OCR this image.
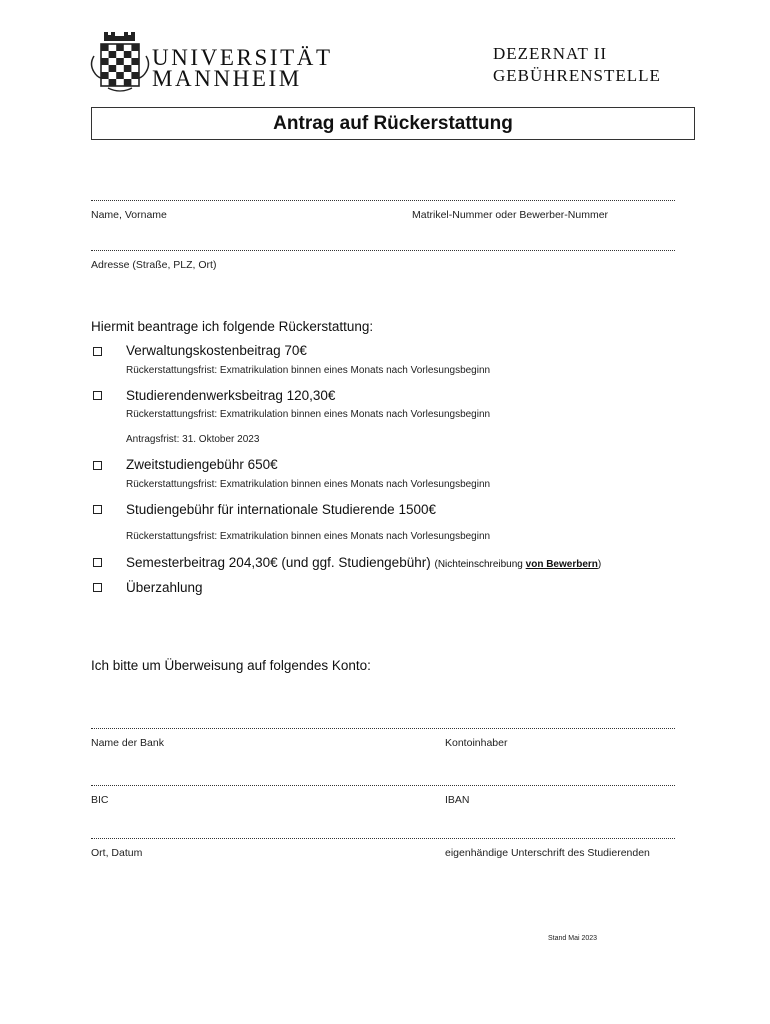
UNIVERSITÄT
MANNHEIM
DEZERNAT II
GEBÜHRENSTELLE
Antrag auf Rückerstattung
Name, Vorname	Matrikel-Nummer oder Bewerber-Nummer
Adresse (Straße, PLZ, Ort)
Hiermit beantrage ich folgende Rückerstattung:
Verwaltungskostenbeitrag 70€
Rückerstattungsfrist: Exmatrikulation binnen eines Monats nach Vorlesungsbeginn
Studierendenwerksbeitrag 120,30€
Rückerstattungsfrist: Exmatrikulation binnen eines Monats nach Vorlesungsbeginn
Antragsfrist: 31. Oktober 2023
Zweitstudiengebühr 650€
Rückerstattungsfrist: Exmatrikulation binnen eines Monats nach Vorlesungsbeginn
Studiengebühr für internationale Studierende 1500€
Rückerstattungsfrist: Exmatrikulation binnen eines Monats nach Vorlesungsbeginn
Semesterbeitrag 204,30€ (und ggf. Studiengebühr) (Nichteinschreibung von Bewerbern)
Überzahlung
Ich bitte um Überweisung auf folgendes Konto:
Name der Bank	Kontoinhaber
BIC	IBAN
Ort, Datum	eigenhändige Unterschrift des Studierenden
Stand Mai 2023
